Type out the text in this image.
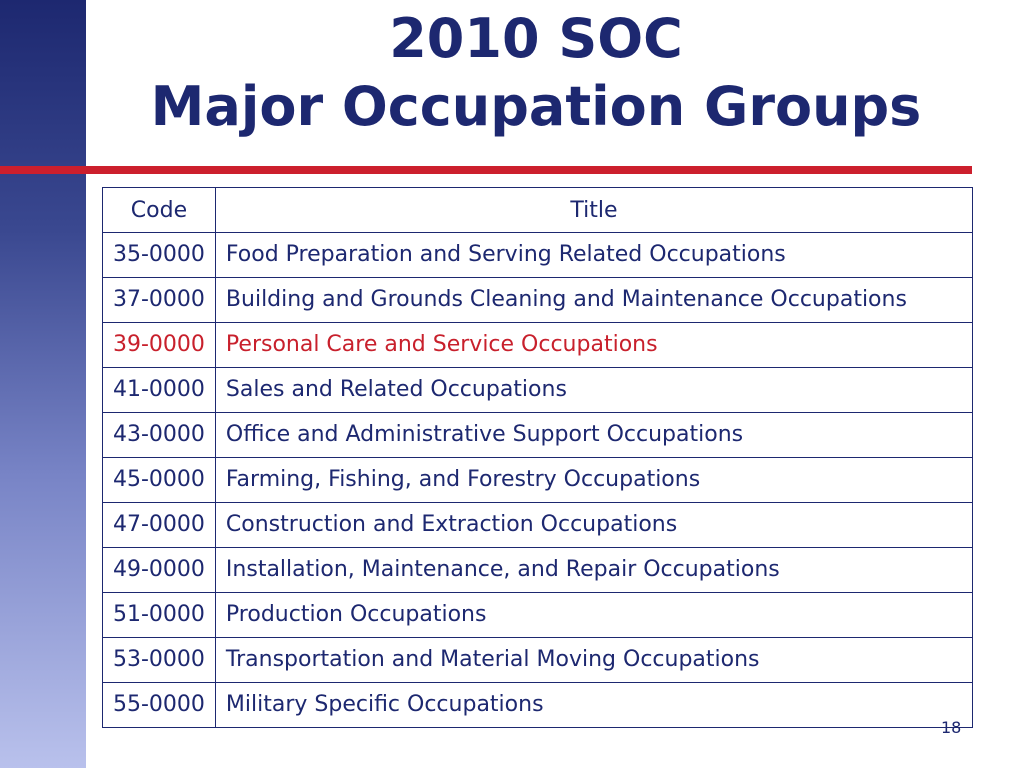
2010 SOC
Major Occupation Groups
Code	Title
35-0000	Food Preparation and Serving Related Occupations
37-0000	Building and Grounds Cleaning and Maintenance Occupations
39-0000	Personal Care and Service Occupations
41-0000	Sales and Related Occupations
43-0000	Office and Administrative Support Occupations
45-0000	Farming, Fishing, and Forestry Occupations
47-0000	Construction and Extraction Occupations
49-0000	Installation, Maintenance, and Repair Occupations
51-0000	Production Occupations
53-0000	Transportation and Material Moving Occupations
55-0000	Military Specific Occupations
18
